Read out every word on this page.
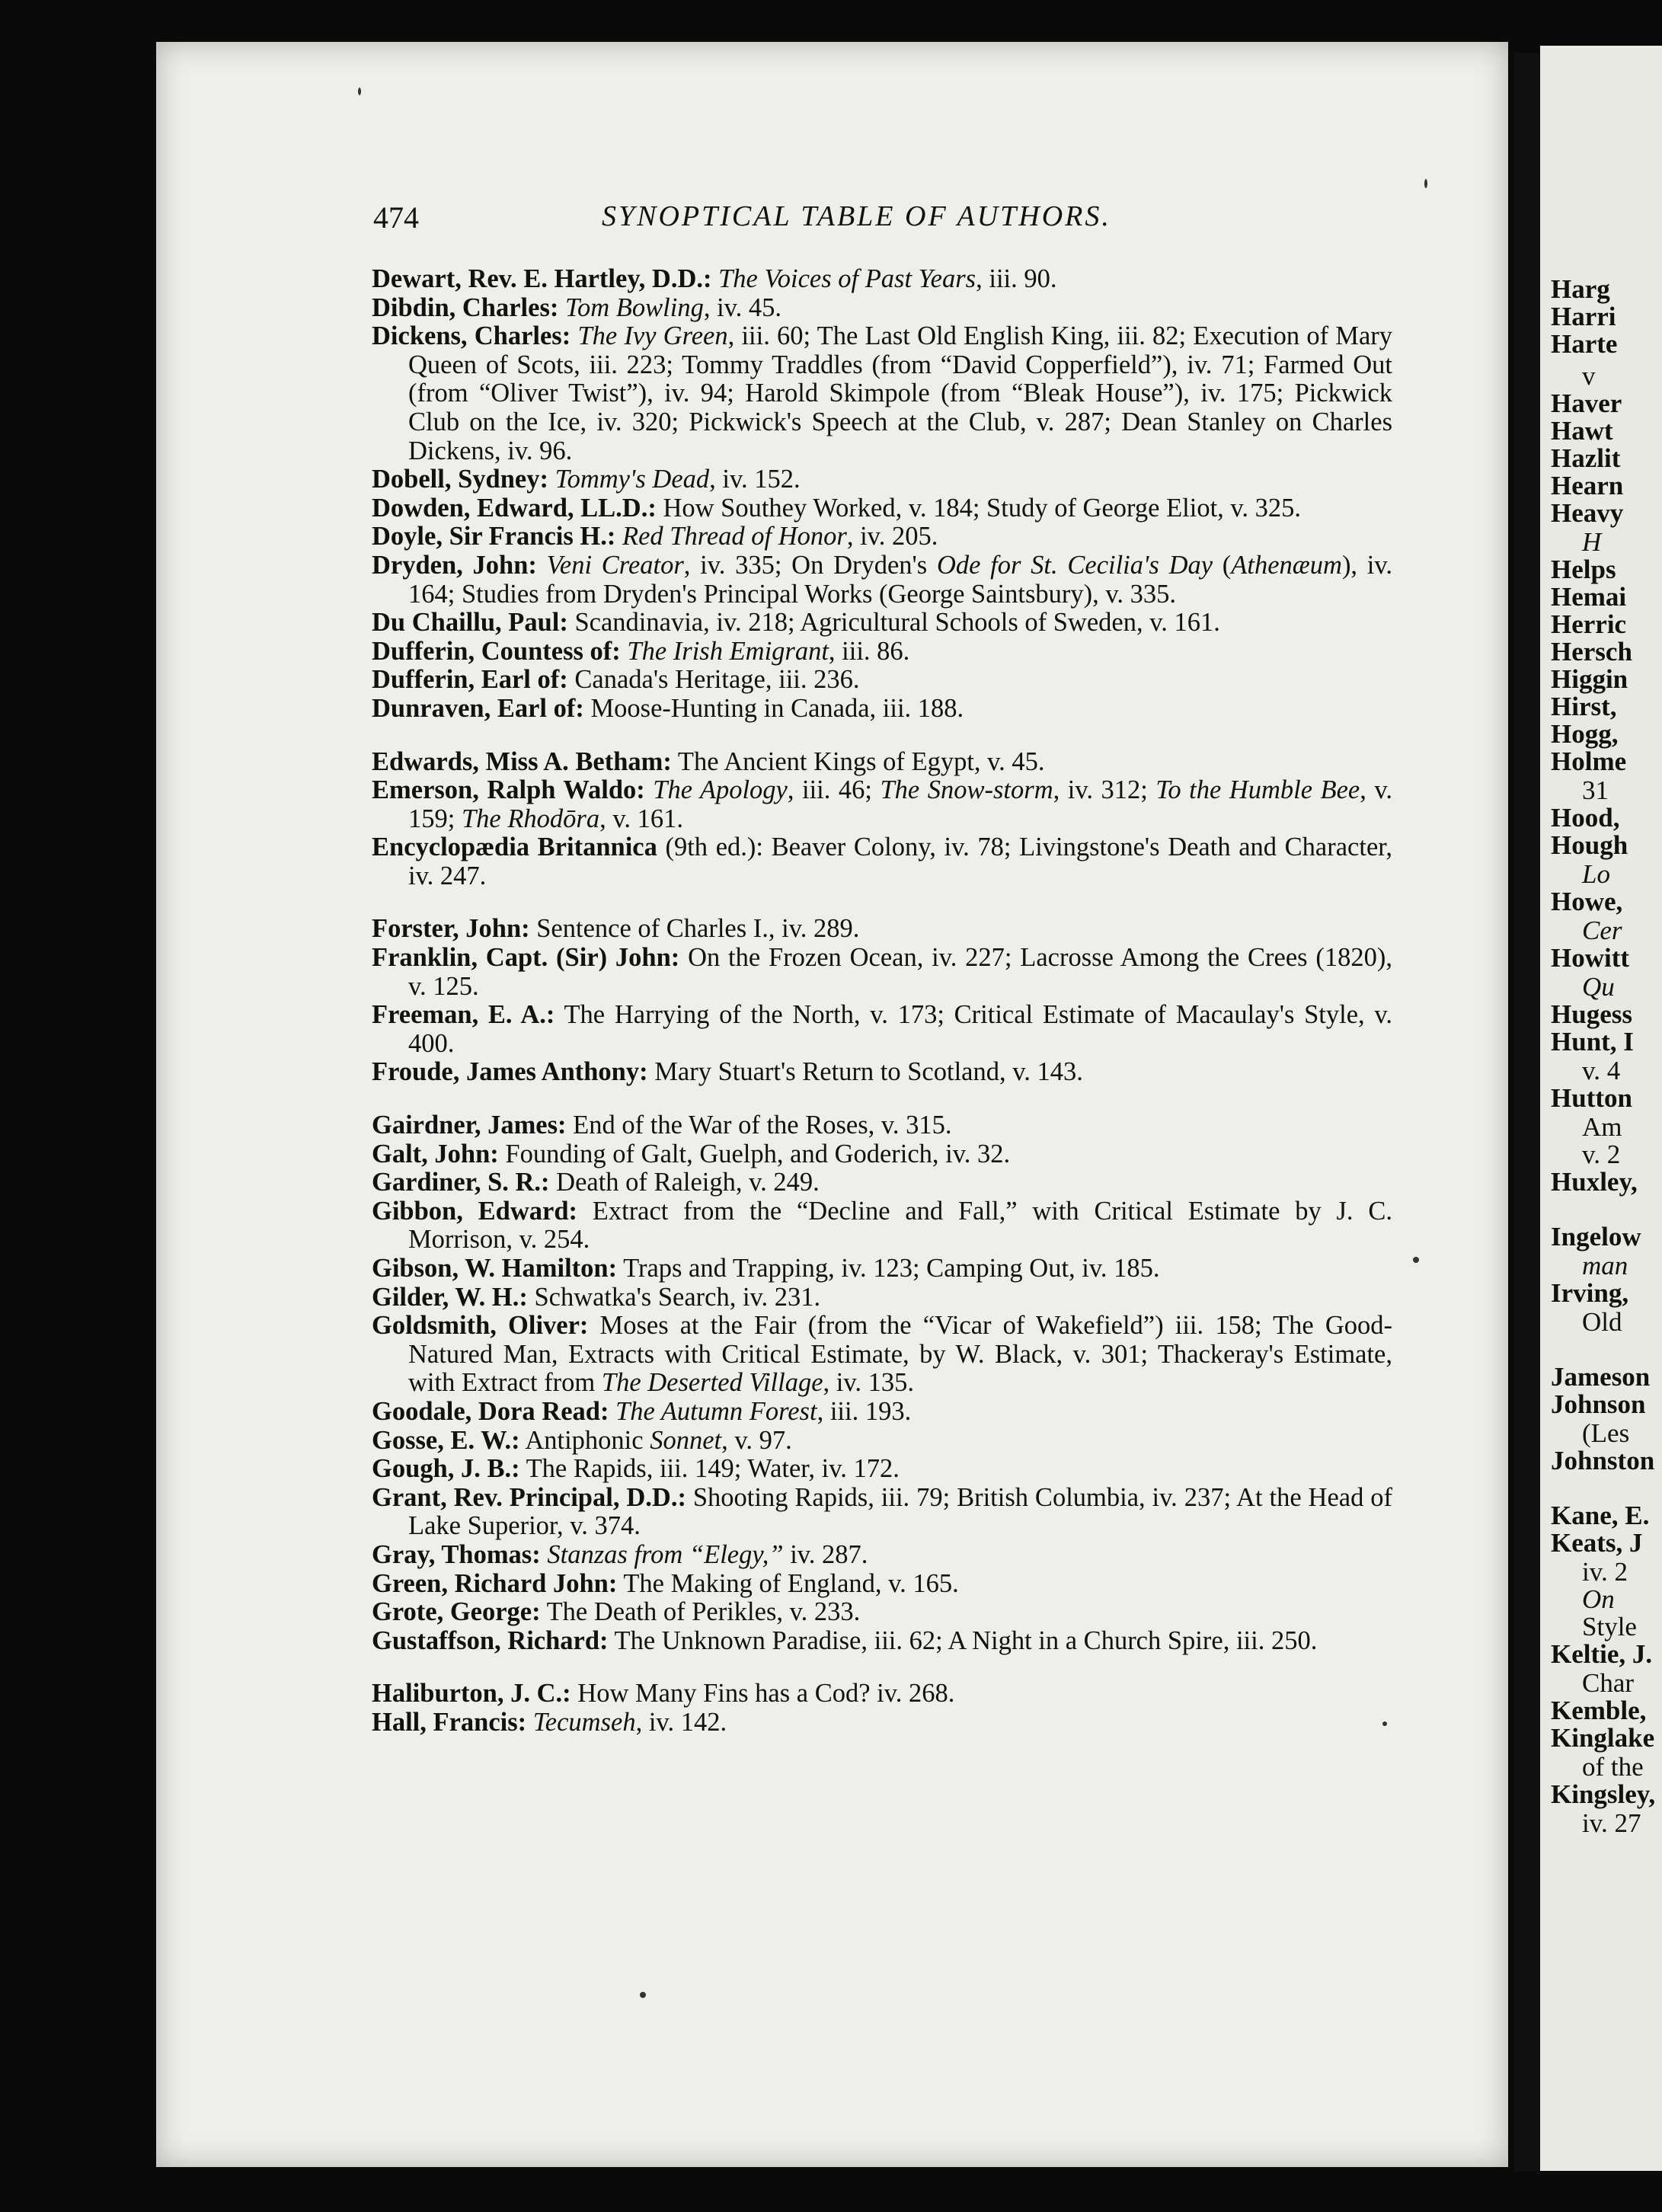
Harg
Harri
Harte
v
Haver
Hawt
Hazlit
Hearn
Heavy
H
Helps
Hemai
Herric
Hersch
Higgin
Hirst,
Hogg,
Holme
31
Hood,
Hough
Lo
Howe,
Cer
Howitt
Qu
Hugess
Hunt, I
v. 4
Hutton
Am
v. 2
Huxley,
Ingelow
man
Irving,
Old
Jameson
Johnson
(Les
Johnston
Kane, E.
Keats, J
iv. 2
On
Style
Keltie, J.
Char
Kemble,
Kinglake
of the
Kingsley,
iv. 27
474	SYNOPTICAL TABLE OF AUTHORS.

Dewart, Rev. E. Hartley, D.D.: The Voices of Past Years, iii. 90.

Dibdin, Charles: Tom Bowling, iv. 45.

Dickens, Charles: The Ivy Green, iii. 60; The Last Old English King, iii. 82; Execution of Mary Queen of Scots, iii. 223; Tommy Traddles (from “David Copperfield”), iv. 71; Farmed Out (from “Oliver Twist”), iv. 94; Harold Skimpole (from “Bleak House”), iv. 175; Pickwick Club on the Ice, iv. 320; Pickwick's Speech at the Club, v. 287; Dean Stanley on Charles Dickens, iv. 96.

Dobell, Sydney: Tommy's Dead, iv. 152.

Dowden, Edward, LL.D.: How Southey Worked, v. 184; Study of George Eliot, v. 325.

Doyle, Sir Francis H.: Red Thread of Honor, iv. 205.

Dryden, John: Veni Creator, iv. 335; On Dryden's Ode for St. Cecilia's Day (Athenæum), iv. 164; Studies from Dryden's Principal Works (George Saintsbury), v. 335.

Du Chaillu, Paul: Scandinavia, iv. 218; Agricultural Schools of Sweden, v. 161.

Dufferin, Countess of: The Irish Emigrant, iii. 86.

Dufferin, Earl of: Canada's Heritage, iii. 236.

Dunraven, Earl of: Moose-Hunting in Canada, iii. 188.

Edwards, Miss A. Betham: The Ancient Kings of Egypt, v. 45.

Emerson, Ralph Waldo: The Apology, iii. 46; The Snow-storm, iv. 312; To the Humble Bee, v. 159; The Rhodōra, v. 161.

Encyclopædia Britannica (9th ed.): Beaver Colony, iv. 78; Livingstone's Death and Character, iv. 247.

Forster, John: Sentence of Charles I., iv. 289.

Franklin, Capt. (Sir) John: On the Frozen Ocean, iv. 227; Lacrosse Among the Crees (1820), v. 125.

Freeman, E. A.: The Harrying of the North, v. 173; Critical Estimate of Macaulay's Style, v. 400.

Froude, James Anthony: Mary Stuart's Return to Scotland, v. 143.

Gairdner, James: End of the War of the Roses, v. 315.

Galt, John: Founding of Galt, Guelph, and Goderich, iv. 32.

Gardiner, S. R.: Death of Raleigh, v. 249.

Gibbon, Edward: Extract from the “Decline and Fall,” with Critical Estimate by J. C. Morrison, v. 254.

Gibson, W. Hamilton: Traps and Trapping, iv. 123; Camping Out, iv. 185.

Gilder, W. H.: Schwatka's Search, iv. 231.

Goldsmith, Oliver: Moses at the Fair (from the “Vicar of Wakefield”) iii. 158; The Good-Natured Man, Extracts with Critical Estimate, by W. Black, v. 301; Thackeray's Estimate, with Extract from The Deserted Village, iv. 135.

Goodale, Dora Read: The Autumn Forest, iii. 193.

Gosse, E. W.: Antiphonic Sonnet, v. 97.

Gough, J. B.: The Rapids, iii. 149; Water, iv. 172.

Grant, Rev. Principal, D.D.: Shooting Rapids, iii. 79; British Columbia, iv. 237; At the Head of Lake Superior, v. 374.

Gray, Thomas: Stanzas from “Elegy,” iv. 287.

Green, Richard John: The Making of England, v. 165.

Grote, George: The Death of Perikles, v. 233.

Gustaffson, Richard: The Unknown Paradise, iii. 62; A Night in a Church Spire, iii. 250.

Haliburton, J. C.: How Many Fins has a Cod? iv. 268.

Hall, Francis: Tecumseh, iv. 142.
